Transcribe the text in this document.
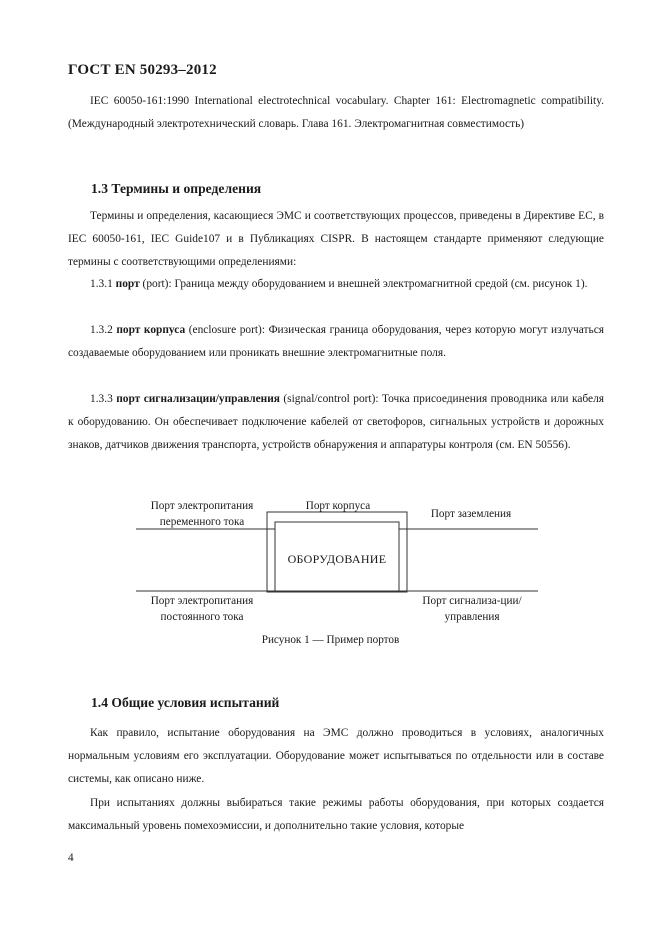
ГОСТ EN 50293–2012
IEC 60050-161:1990 International electrotechnical vocabulary. Chapter 161: Electromagnetic compatibility. (Международный электротехнический словарь. Глава 161. Электромагнитная совместимость)
1.3 Термины и определения
Термины и определения, касающиеся ЭМС и соответствующих процессов, приведены в Директиве ЕС, в IEC 60050-161, IEC Guide107 и в Публикациях CISPR. В настоящем стандарте применяют следующие термины с соответствующими определениями:
1.3.1 порт (port): Граница между оборудованием и внешней электромагнитной средой (см. рисунок 1).
1.3.2 порт корпуса (enclosure port): Физическая граница оборудования, через которую могут излучаться создаваемые оборудованием или проникать внешние электромагнитные поля.
1.3.3 порт сигнализации/управления (signal/control port): Точка присоединения проводника или кабеля к оборудованию. Он обеспечивает подключение кабелей от светофоров, сигнальных устройств и дорожных знаков, датчиков движения транспорта, устройств обнаружения и аппаратуры контроля (см. EN 50556).
Порт электропитания переменного тока
Порт корпуса
Порт заземления
Порт электропитания постоянного тока
Порт сигнализа-ции/управления
ОБОРУДОВАНИЕ
Рисунок 1 — Пример портов
1.4 Общие условия испытаний
Как правило, испытание оборудования на ЭМС должно проводиться в условиях, аналогичных нормальным условиям его эксплуатации. Оборудование может испытываться по отдельности или в составе системы, как описано ниже.
При испытаниях должны выбираться такие режимы работы оборудования, при которых создается максимальный уровень помехоэмиссии, и дополнительно такие условия, которые
4
